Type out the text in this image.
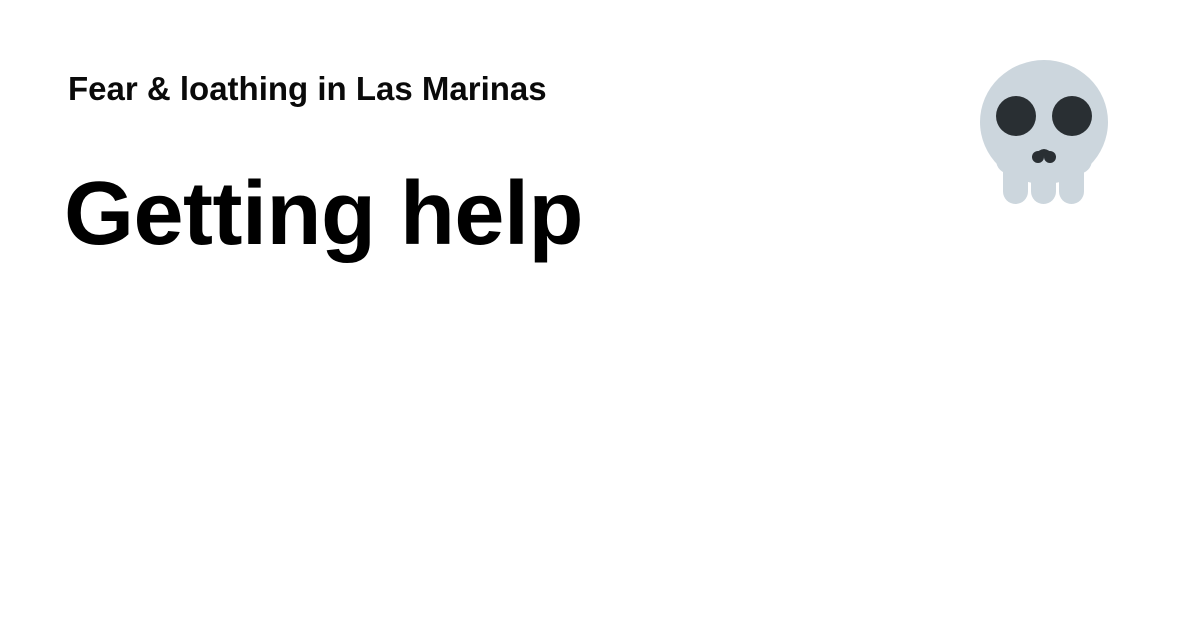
Fear & loathing in Las Marinas
Getting help
